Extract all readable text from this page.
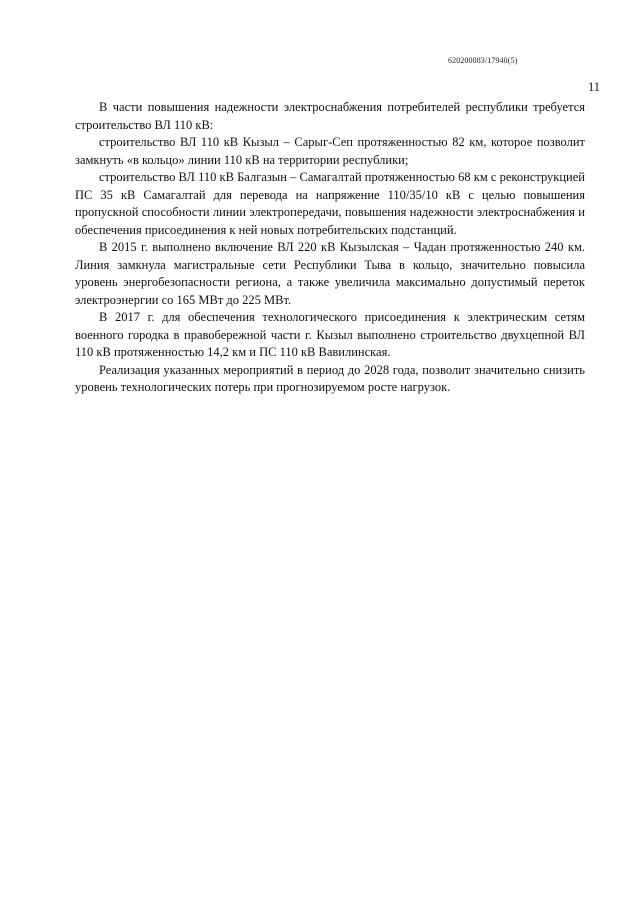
620200083/17940(5)
11

В части повышения надежности электроснабжения потребителей республики требуется строительство ВЛ 110 кВ:

строительство ВЛ 110 кВ Кызыл – Сарыг-Сеп протяженностью 82 км, которое позволит замкнуть «в кольцо» линии 110 кВ на территории республики;

строительство ВЛ 110 кВ Балгазын – Самагалтай протяженностью 68 км с реконструкцией ПС 35 кВ Самагалтай для перевода на напряжение 110/35/10 кВ с целью повышения пропускной способности линии электропередачи, повышения надежности электроснабжения и обеспечения присоединения к ней новых потребительских подстанций.

В 2015 г. выполнено включение ВЛ 220 кВ Кызылская – Чадан протяженностью 240 км. Линия замкнула магистральные сети Республики Тыва в кольцо, значительно повысила уровень энергобезопасности региона, а также увеличила максимально допустимый переток электроэнергии со 165 МВт до 225 МВт.

В 2017 г. для обеспечения технологического присоединения к электрическим сетям военного городка в правобережной части г. Кызыл выполнено строительство двухцепной ВЛ 110 кВ протяженностью 14,2 км и ПС 110 кВ Вавилинская.

Реализация указанных мероприятий в период до 2028 года, позволит значительно снизить уровень технологических потерь при прогнозируемом росте нагрузок.
